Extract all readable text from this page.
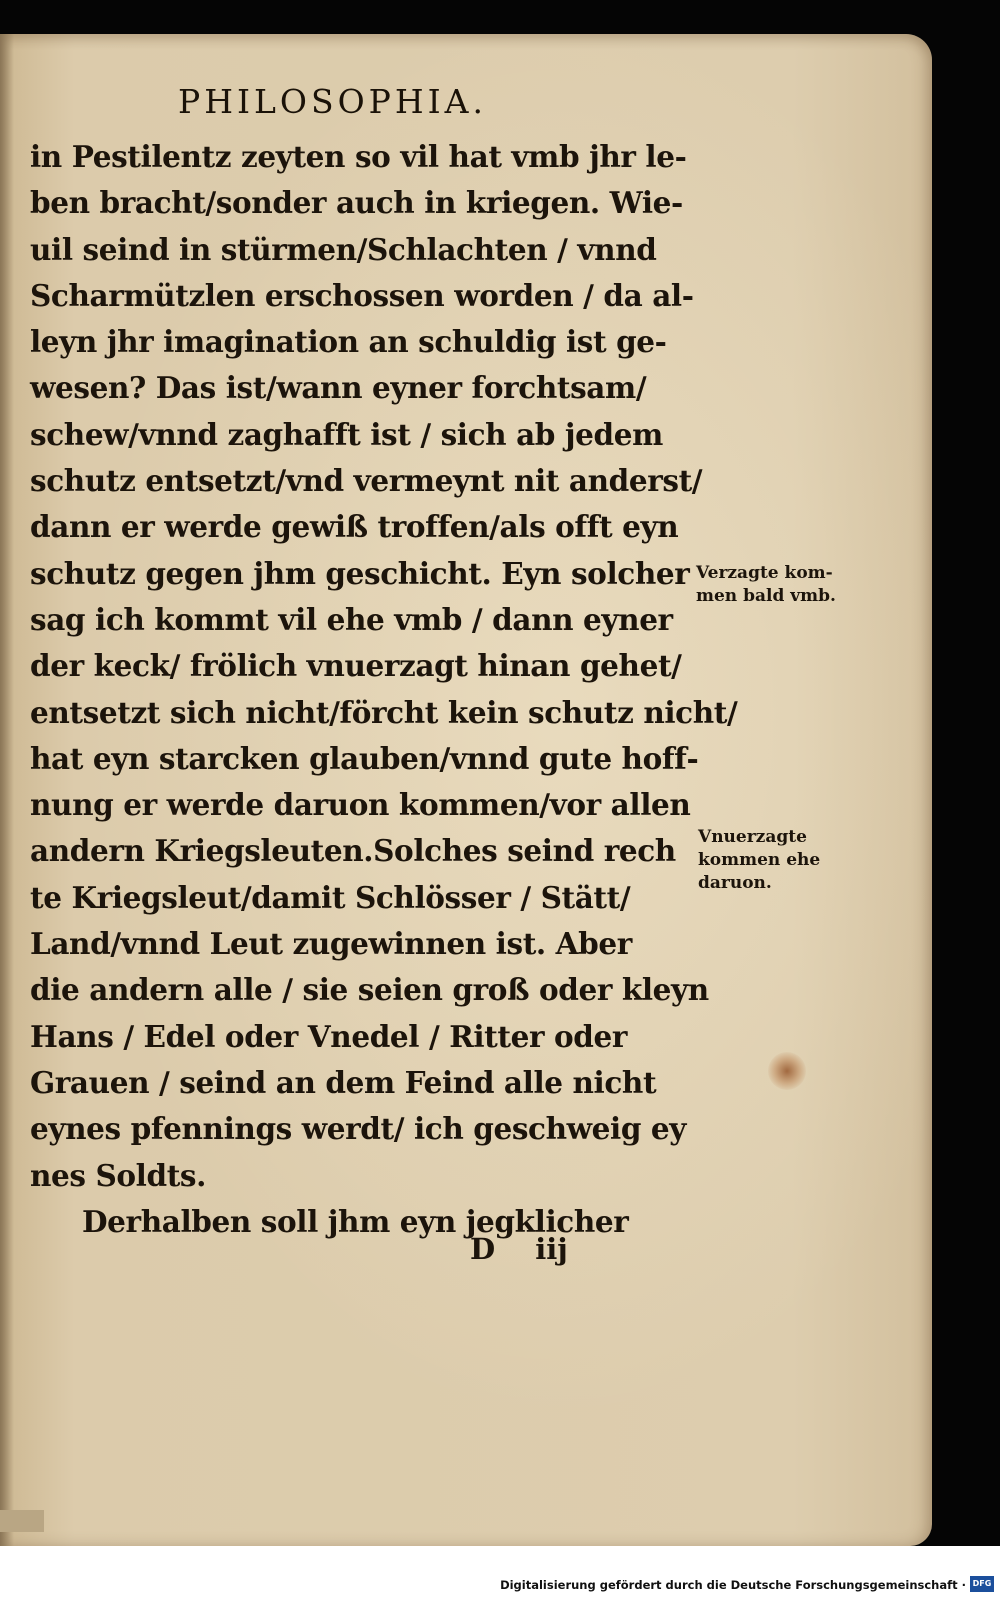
PHILOSOPHIA.
in Pestilentz zeyten so vil hat vmb jhr le‐
ben bracht/sonder auch in kriegen. Wie‐
uil seind in stürmen/Schlachten / vnnd
Scharmützlen erschossen worden / da al‐
leyn jhr imagination an schuldig ist ge‐
wesen? Das ist/wann eyner forchtsam/
schew/vnnd zaghafft ist / sich ab jedem
schutz entsetzt/vnd vermeynt nit anderst/
dann er werde gewiß troffen/als offt eyn
schutz gegen jhm geschicht. Eyn solcher
sag ich kommt vil ehe vmb / dann eyner
der keck/ frölich vnuerzagt hinan gehet/
entsetzt sich nicht/förcht kein schutz nicht/
hat eyn starcken glauben/vnnd gute hoff‐
nung er werde daruon kommen/vor allen
andern Kriegsleuten.Solches seind rech
te Kriegsleut/damit Schlösser / Stätt/
Land/vnnd Leut zugewinnen ist. Aber
die andern alle / sie seien groß oder kleyn
Hans / Edel oder Vnedel / Ritter oder
Grauen / seind an dem Feind alle nicht
eynes pfennings werdt/ ich geschweig ey
nes Soldts.
Derhalben soll jhm eyn jegklicher
D iij
Verzagte kom‐
men bald vmb.
Vnuerzagte
kommen ehe
daruon.
Digitalisierung gefördert durch die Deutsche Forschungsgemeinschaft · DFG
